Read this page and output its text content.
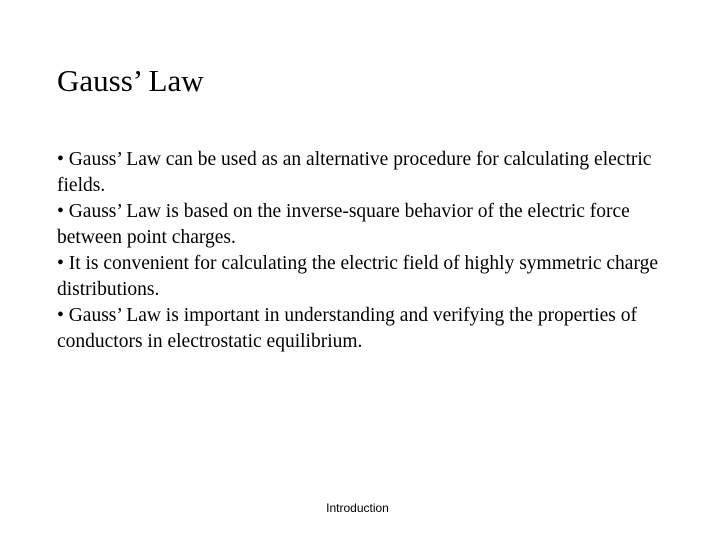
Gauss’ Law
• Gauss’ Law can be used as an alternative procedure for calculating electric fields.
• Gauss’ Law is based on the inverse-square behavior of the electric force between point charges.
• It is convenient for calculating the electric field of highly symmetric charge distributions.
• Gauss’ Law is important in understanding and verifying the properties of conductors in electrostatic equilibrium.
Introduction
